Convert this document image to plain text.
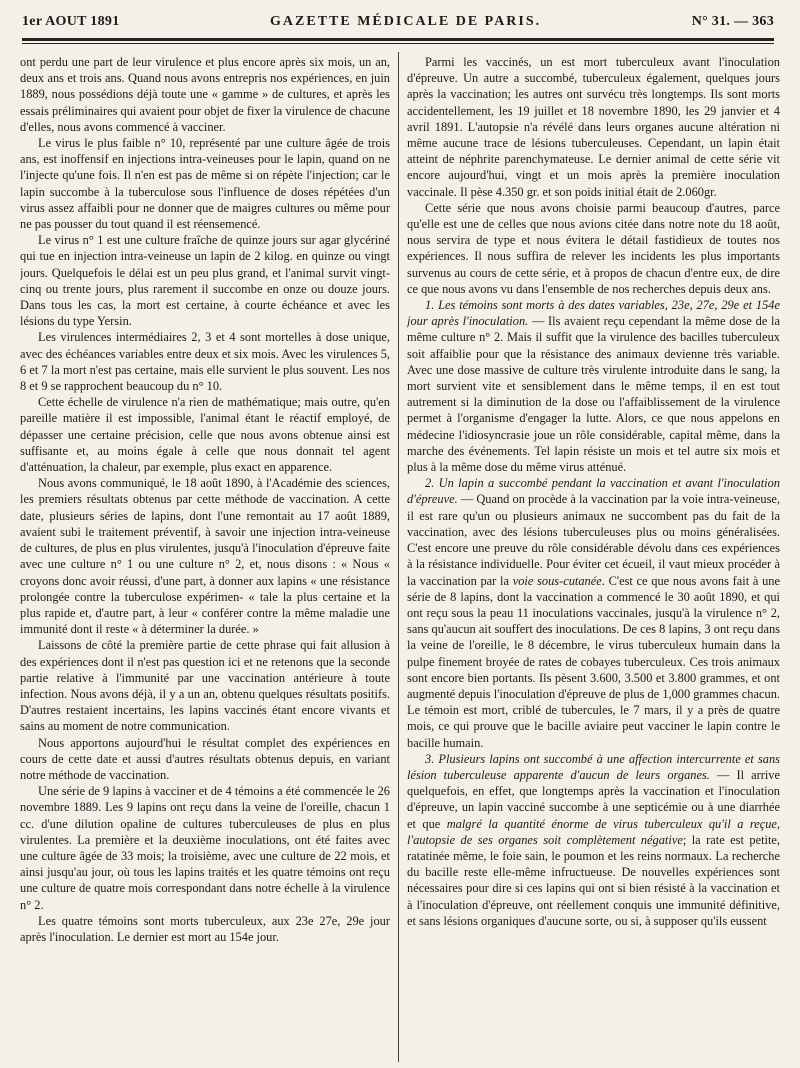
1er AOUT 1891	GAZETTE MÉDICALE DE PARIS.	N° 31. — 363

ont perdu une part de leur virulence et plus encore après six mois, un an, deux ans et trois ans. Quand nous avons entrepris nos expériences, en juin 1889, nous possédions déjà toute une « gamme » de cultures, et après les essais préliminaires qui avaient pour objet de fixer la virulence de chacune d'elles, nous avons commencé à vacciner.

Le virus le plus faible n° 10, représenté par une culture âgée de trois ans, est inoffensif en injections intra-veineuses pour le lapin, quand on ne l'injecte qu'une fois. Il n'en est pas de même si on répète l'injection; car le lapin succombe à la tuberculose sous l'influence de doses répétées d'un virus assez affaibli pour ne donner que de maigres cultures ou même pour ne pas pousser du tout quand il est réensemencé.

Le virus n° 1 est une culture fraîche de quinze jours sur agar glycériné qui tue en injection intra-veineuse un lapin de 2 kilog. en quinze ou vingt jours. Quelquefois le délai est un peu plus grand, et l'animal survit vingt-cinq ou trente jours, plus rarement il succombe en onze ou douze jours. Dans tous les cas, la mort est certaine, à courte échéance et avec les lésions du type Yersin.

Les virulences intermédiaires 2, 3 et 4 sont mortelles à dose unique, avec des échéances variables entre deux et six mois. Avec les virulences 5, 6 et 7 la mort n'est pas certaine, mais elle survient le plus souvent. Les nos 8 et 9 se rapprochent beaucoup du n° 10.

Cette échelle de virulence n'a rien de mathématique; mais outre, qu'en pareille matière il est impossible, l'animal étant le réactif employé, de dépasser une certaine précision, celle que nous avons obtenue ainsi est suffisante et, au moins égale à celle que nous donnait tel agent d'atténuation, la chaleur, par exemple, plus exact en apparence.

Nous avons communiqué, le 18 août 1890, à l'Académie des sciences, les premiers résultats obtenus par cette méthode de vaccination. A cette date, plusieurs séries de lapins, dont l'une remontait au 17 août 1889, avaient subi le traitement préventif, à savoir une injection intra-veineuse de cultures, de plus en plus virulentes, jusqu'à l'inoculation d'épreuve faite avec une culture n° 1 ou une culture n° 2, et, nous disons : « Nous « croyons donc avoir réussi, d'une part, à donner aux lapins « une résistance prolongée contre la tuberculose expérimen- « tale la plus certaine et la plus rapide et, d'autre part, à leur « conférer contre la même maladie une immunité dont il reste « à déterminer la durée. »

Laissons de côté la première partie de cette phrase qui fait allusion à des expériences dont il n'est pas question ici et ne retenons que la seconde partie relative à l'immunité par une vaccination antérieure à toute infection. Nous avons déjà, il y a un an, obtenu quelques résultats positifs. D'autres restaient incertains, les lapins vaccinés étant encore vivants et sains au moment de notre communication.

Nous apportons aujourd'hui le résultat complet des expériences en cours de cette date et aussi d'autres résultats obtenus depuis, en variant notre méthode de vaccination.

Une série de 9 lapins à vacciner et de 4 témoins a été commencée le 26 novembre 1889. Les 9 lapins ont reçu dans la veine de l'oreille, chacun 1 cc. d'une dilution opaline de cultures tuberculeuses de plus en plus virulentes. La première et la deuxième inoculations, ont été faites avec une culture âgée de 33 mois; la troisième, avec une culture de 22 mois, et ainsi jusqu'au jour, où tous les lapins traités et les quatre témoins ont reçu une culture de quatre mois correspondant dans notre échelle à la virulence n° 2.

Les quatre témoins sont morts tuberculeux, aux 23e 27e, 29e jour après l'inoculation. Le dernier est mort au 154e jour.

Parmi les vaccinés, un est mort tuberculeux avant l'inoculation d'épreuve. Un autre a succombé, tuberculeux également, quelques jours après la vaccination; les autres ont survécu très longtemps. Ils sont morts accidentellement, les 19 juillet et 18 novembre 1890, les 29 janvier et 4 avril 1891. L'autopsie n'a révélé dans leurs organes aucune altération ni même aucune trace de lésions tuberculeuses. Cependant, un lapin était atteint de néphrite parenchymateuse. Le dernier animal de cette série vit encore aujourd'hui, vingt et un mois après la première inoculation vaccinale. Il pèse 4.350 gr. et son poids initial était de 2.060gr.

Cette série que nous avons choisie parmi beaucoup d'autres, parce qu'elle est une de celles que nous avions citée dans notre note du 18 août, nous servira de type et nous évitera le détail fastidieux de toutes nos expériences. Il nous suffira de relever les incidents les plus importants survenus au cours de cette série, et à propos de chacun d'entre eux, de dire ce que nous avons vu dans l'ensemble de nos recherches depuis deux ans.

1. Les témoins sont morts à des dates variables, 23e, 27e, 29e et 154e jour après l'inoculation. — Ils avaient reçu cependant la même dose de la même culture n° 2. Mais il suffit que la virulence des bacilles tuberculeux soit affaiblie pour que la résistance des animaux devienne très variable. Avec une dose massive de culture très virulente introduite dans le sang, la mort survient vite et sensiblement dans le même temps, il en est tout autrement si la diminution de la dose ou l'affaiblissement de la virulence permet à l'organisme d'engager la lutte. Alors, ce que nous appelons en médecine l'idiosyncrasie joue un rôle considérable, capital même, dans la marche des événements. Tel lapin résiste un mois et tel autre six mois et plus à la même dose du même virus atténué.

2. Un lapin a succombé pendant la vaccination et avant l'inoculation d'épreuve. — Quand on procède à la vaccination par la voie intra-veineuse, il est rare qu'un ou plusieurs animaux ne succombent pas du fait de la vaccination, avec des lésions tuberculeuses plus ou moins généralisées. C'est encore une preuve du rôle considérable dévolu dans ces expériences à la résistance individuelle. Pour éviter cet écueil, il vaut mieux procéder à la vaccination par la voie sous-cutanée. C'est ce que nous avons fait à une série de 8 lapins, dont la vaccination a commencé le 30 août 1890, et qui ont reçu sous la peau 11 inoculations vaccinales, jusqu'à la virulence n° 2, sans qu'aucun ait souffert des inoculations. De ces 8 lapins, 3 ont reçu dans la veine de l'oreille, le 8 décembre, le virus tuberculeux humain dans la pulpe finement broyée de rates de cobayes tuberculeux. Ces trois animaux sont encore bien portants. Ils pèsent 3.600, 3.500 et 3.800 grammes, et ont augmenté depuis l'inoculation d'épreuve de plus de 1,000 grammes chacun. Le témoin est mort, criblé de tubercules, le 7 mars, il y a près de quatre mois, ce qui prouve que le bacille aviaire peut vacciner le lapin contre le bacille humain.

3. Plusieurs lapins ont succombé à une affection intercurrente et sans lésion tuberculeuse apparente d'aucun de leurs organes. — Il arrive quelquefois, en effet, que longtemps après la vaccination et l'inoculation d'épreuve, un lapin vacciné succombe à une septicémie ou à une diarrhée et que malgré la quantité énorme de virus tuberculeux qu'il a reçue, l'autopsie de ses organes soit complètement négative; la rate est petite, ratatinée même, le foie sain, le poumon et les reins normaux. La recherche du bacille reste elle-même infructueuse. De nouvelles expériences sont nécessaires pour dire si ces lapins qui ont si bien résisté à la vaccination et à l'inoculation d'épreuve, ont réellement conquis une immunité définitive, et sans lésions organiques d'aucune sorte, ou si, à supposer qu'ils eussent
